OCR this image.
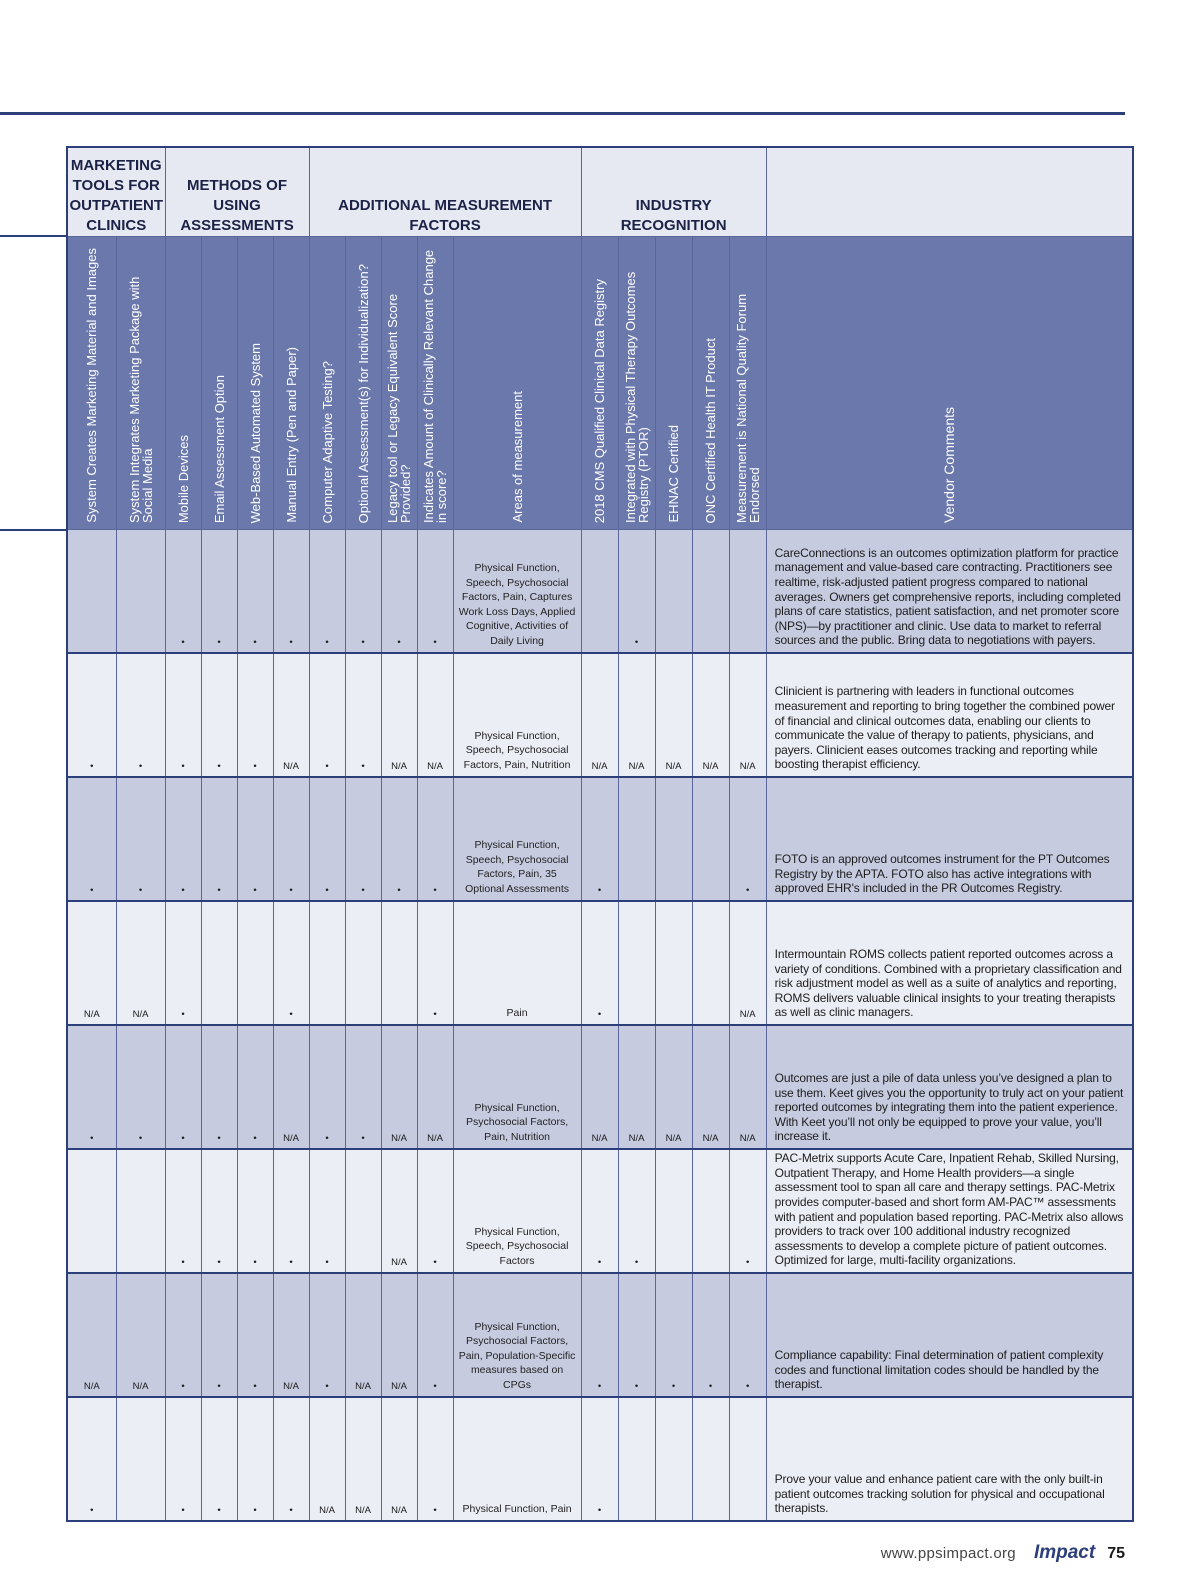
MARKETING TOOLS FOR OUTPATIENT CLINICS		METHODS OF USING ASSESSMENTS				ADDITIONAL MEASUREMENT FACTORS					INDUSTRY RECOGNITION					

System Creates Marketing Material and Images	System Integrates Marketing Package with Social Media	Mobile Devices	Email Assessment Option	Web-Based Automated System	Manual Entry (Pen and Paper)	Computer Adaptive Testing?	Optional Assessment(s) for Individualization?	Legacy tool or Legacy Equivalent Score Provided?	Indicates Amount of Clinically Relevant Change in score?	Areas of measurement	2018 CMS Qualified Clinical Data Registry	Integrated with Physical Therapy Outcomes Registry (PTOR)	EHNAC Certified	ONC Certified Health IT Product	Measurement is National Quality Forum Endorsed	Vendor Comments

		•	•	•	•	•	•	•	•	Physical Function, Speech, Psychosocial Factors, Pain, Captures Work Loss Days, Applied Cognitive, Activities of Daily Living		•				CareConnections is an outcomes optimization platform for practice management and value-based care contracting. Practitioners see realtime, risk-adjusted patient progress compared to national averages. Owners get comprehensive reports, including completed plans of care statistics, patient satisfaction, and net promoter score (NPS)—by practitioner and clinic. Use data to market to referral sources and the public. Bring data to negotiations with payers.
•	•	•	•	•	N/A	•	•	N/A	N/A	Physical Function, Speech, Psychosocial Factors, Pain, Nutrition	N/A	N/A	N/A	N/A	N/A	Clinicient is partnering with leaders in functional outcomes measurement and reporting to bring together the combined power of financial and clinical outcomes data, enabling our clients to communicate the value of therapy to patients, physicians, and payers. Clinicient eases outcomes tracking and reporting while boosting therapist efficiency.
•	•	•	•	•	•	•	•	•	•	Physical Function, Speech, Psychosocial Factors, Pain, 35 Optional Assessments	•				•	FOTO is an approved outcomes instrument for the PT Outcomes Registry by the APTA. FOTO also has active integrations with approved EHR's included in the PR Outcomes Registry.
N/A	N/A	•			•				•	Pain	•				N/A	Intermountain ROMS collects patient reported outcomes across a variety of conditions. Combined with a proprietary classification and risk adjustment model as well as a suite of analytics and reporting, ROMS delivers valuable clinical insights to your treating therapists as well as clinic managers.
•	•	•	•	•	N/A	•	•	N/A	N/A	Physical Function, Psychosocial Factors, Pain, Nutrition	N/A	N/A	N/A	N/A	N/A	Outcomes are just a pile of data unless you’ve designed a plan to use them. Keet gives you the opportunity to truly act on your patient reported outcomes by integrating them into the patient experience. With Keet you’ll not only be equipped to prove your value, you’ll increase it.
		•	•	•	•	•		N/A	•	Physical Function, Speech, Psychosocial Factors	•	•			•	PAC-Metrix supports Acute Care, Inpatient Rehab, Skilled Nursing, Outpatient Therapy, and Home Health providers—a single assessment tool to span all care and therapy settings. PAC-Metrix provides computer-based and short form AM-PAC™ assessments with patient and population based reporting. PAC-Metrix also allows providers to track over 100 additional industry recognized assessments to develop a complete picture of patient outcomes. Optimized for large, multi-facility organizations.
N/A	N/A	•	•	•	N/A	•	N/A	N/A	•	Physical Function, Psychosocial Factors, Pain, Population-Specific measures based on CPGs	•	•	•	•	•	Compliance capability: Final determination of patient complexity codes and functional limitation codes should be handled by the therapist.
•		•	•	•	•	N/A	N/A	N/A	•	Physical Function, Pain	•					Prove your value and enhance patient care with the only built-in patient outcomes tracking solution for physical and occupational therapists.
www.ppsimpact.org Impact 75
